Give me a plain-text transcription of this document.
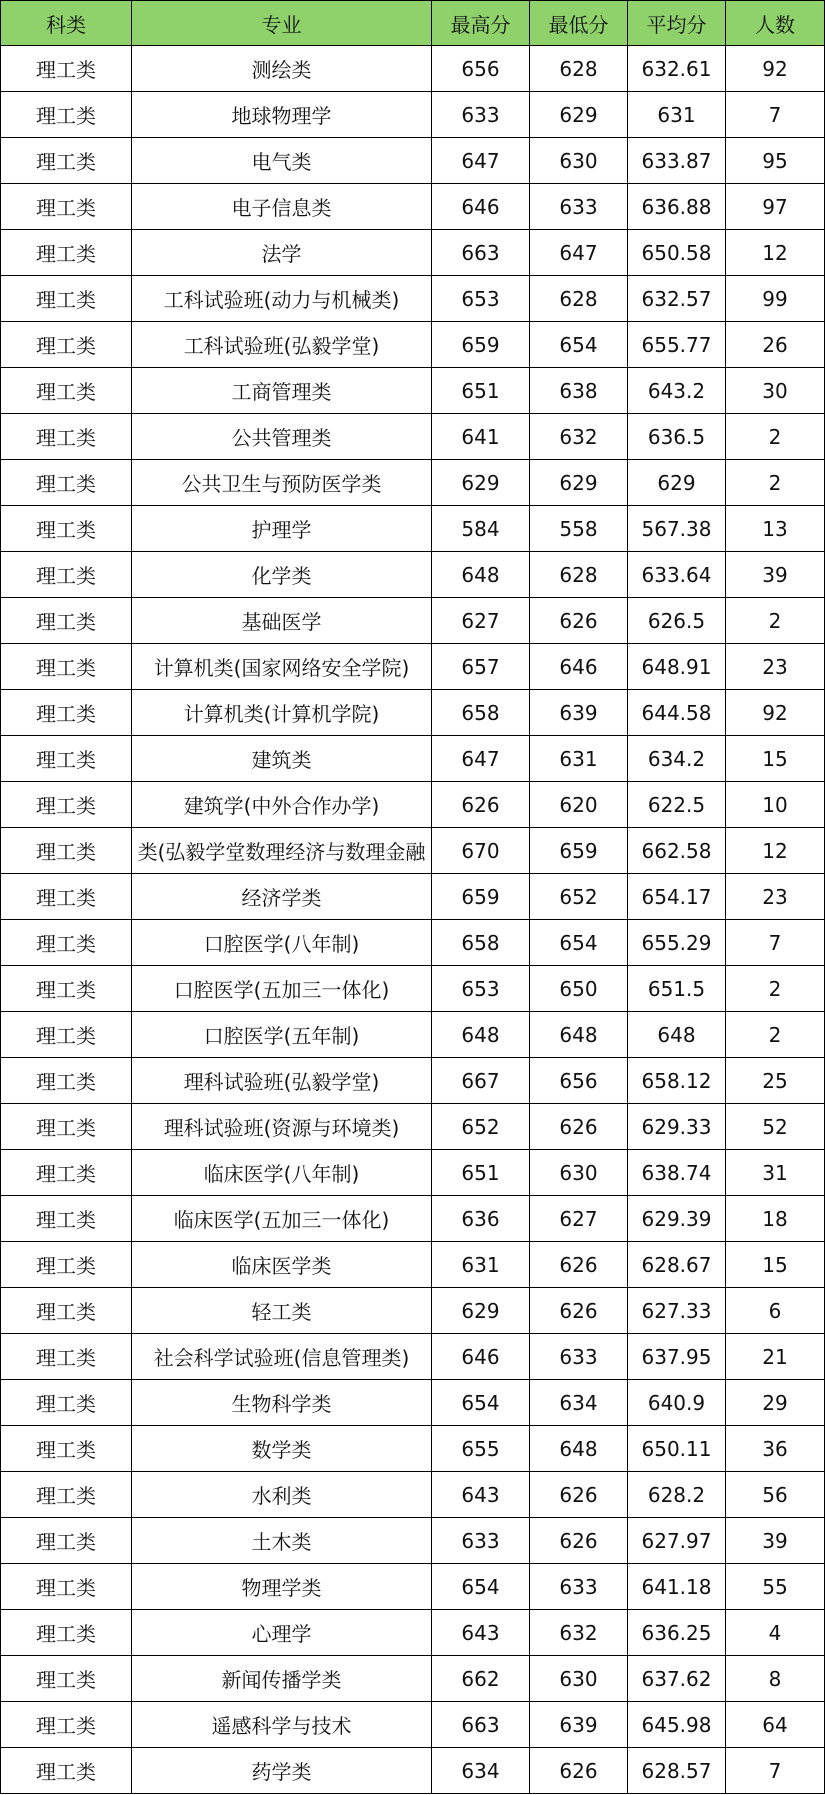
科类	专业	最高分	最低分	平均分	人数
理工类	测绘类	656	628	632.61	92
理工类	地球物理学	633	629	631	7
理工类	电气类	647	630	633.87	95
理工类	电子信息类	646	633	636.88	97
理工类	法学	663	647	650.58	12
理工类	工科试验班(动力与机械类)	653	628	632.57	99
理工类	工科试验班(弘毅学堂)	659	654	655.77	26
理工类	工商管理类	651	638	643.2	30
理工类	公共管理类	641	632	636.5	2
理工类	公共卫生与预防医学类	629	629	629	2
理工类	护理学	584	558	567.38	13
理工类	化学类	648	628	633.64	39
理工类	基础医学	627	626	626.5	2
理工类	计算机类(国家网络安全学院)	657	646	648.91	23
理工类	计算机类(计算机学院)	658	639	644.58	92
理工类	建筑类	647	631	634.2	15
理工类	建筑学(中外合作办学)	626	620	622.5	10
理工类	类(弘毅学堂数理经济与数理金融	670	659	662.58	12
理工类	经济学类	659	652	654.17	23
理工类	口腔医学(八年制)	658	654	655.29	7
理工类	口腔医学(五加三一体化)	653	650	651.5	2
理工类	口腔医学(五年制)	648	648	648	2
理工类	理科试验班(弘毅学堂)	667	656	658.12	25
理工类	理科试验班(资源与环境类)	652	626	629.33	52
理工类	临床医学(八年制)	651	630	638.74	31
理工类	临床医学(五加三一体化)	636	627	629.39	18
理工类	临床医学类	631	626	628.67	15
理工类	轻工类	629	626	627.33	6
理工类	社会科学试验班(信息管理类)	646	633	637.95	21
理工类	生物科学类	654	634	640.9	29
理工类	数学类	655	648	650.11	36
理工类	水利类	643	626	628.2	56
理工类	土木类	633	626	627.97	39
理工类	物理学类	654	633	641.18	55
理工类	心理学	643	632	636.25	4
理工类	新闻传播学类	662	630	637.62	8
理工类	遥感科学与技术	663	639	645.98	64
理工类	药学类	634	626	628.57	7
